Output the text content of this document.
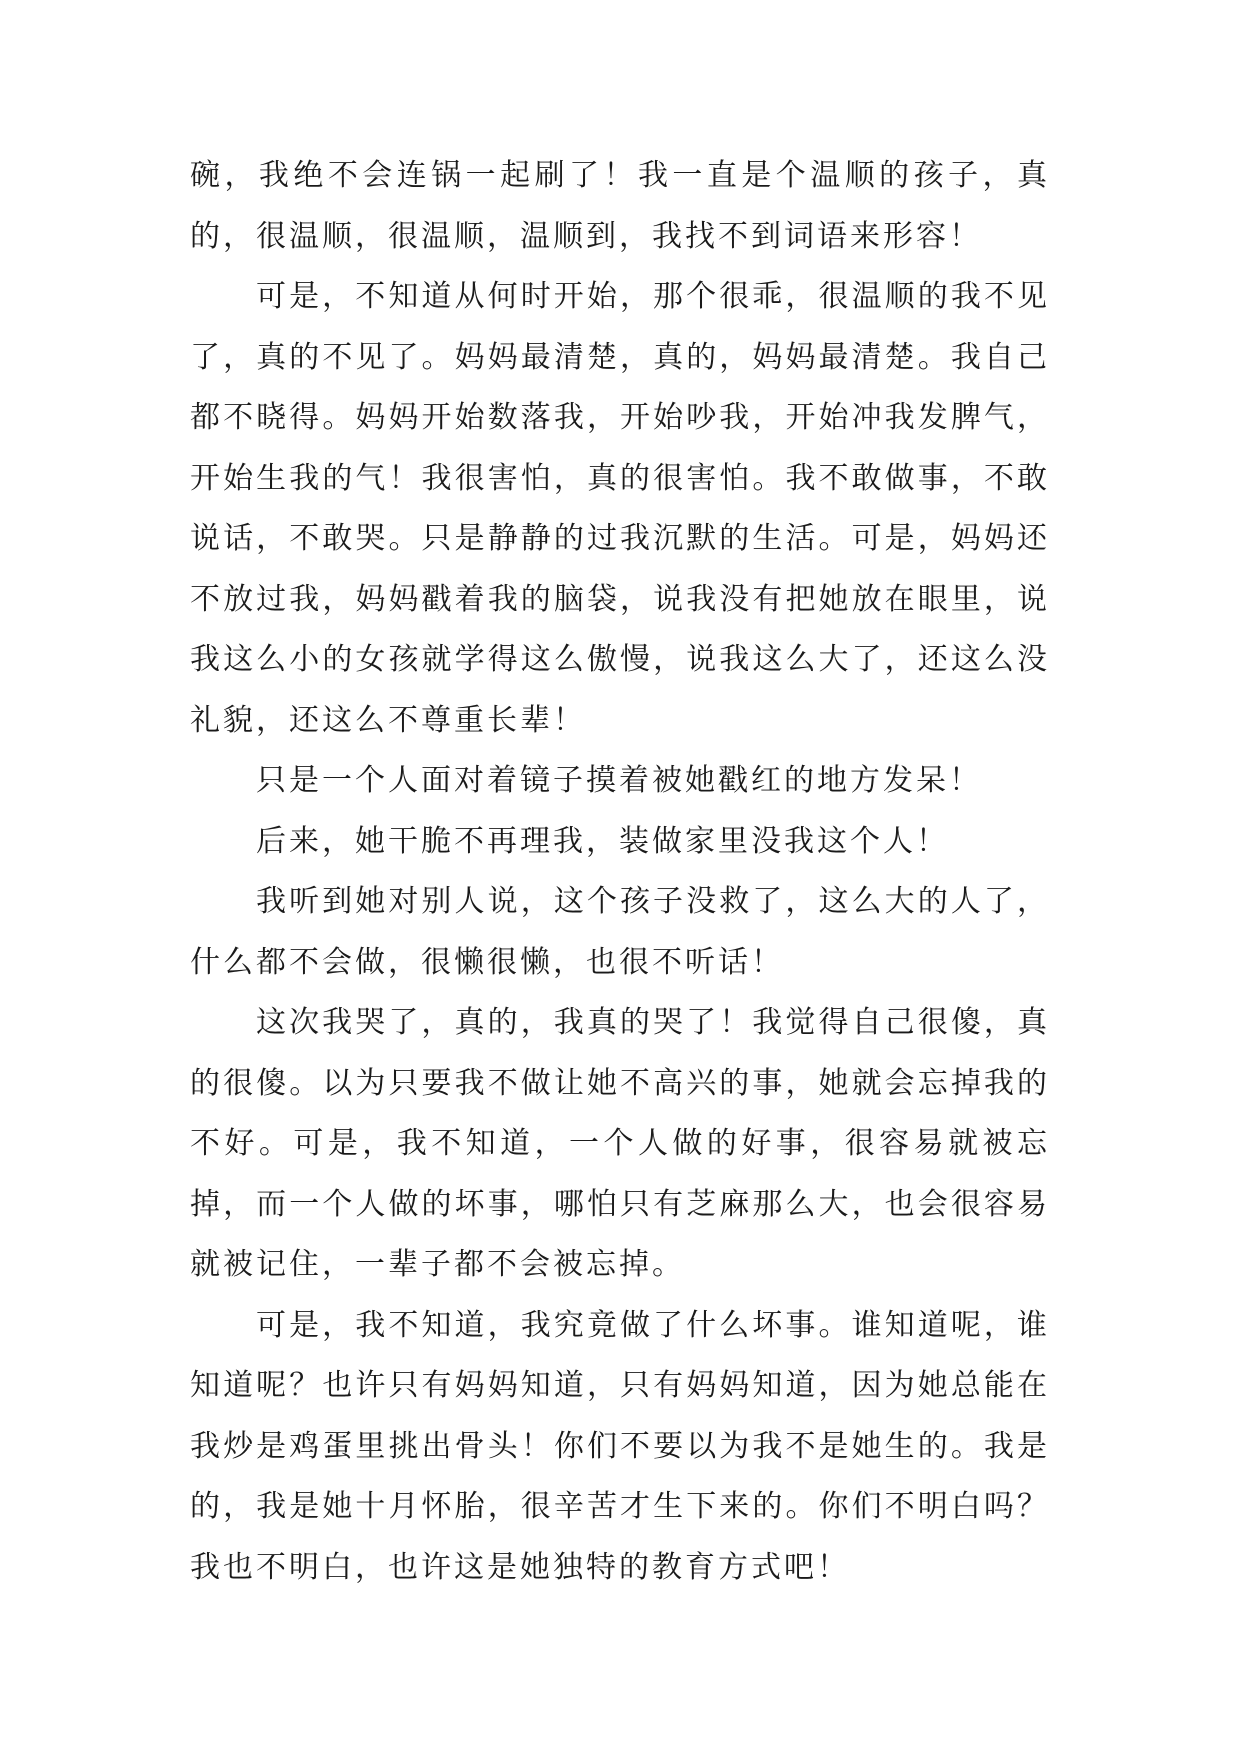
碗，我绝不会连锅一起刷了！我一直是个温顺的孩子，真的，很温顺，很温顺，温顺到，我找不到词语来形容！

可是，不知道从何时开始，那个很乖，很温顺的我不见了，真的不见了。妈妈最清楚，真的，妈妈最清楚。我自己都不晓得。妈妈开始数落我，开始吵我，开始冲我发脾气，开始生我的气！我很害怕，真的很害怕。我不敢做事，不敢说话，不敢哭。只是静静的过我沉默的生活。可是，妈妈还不放过我，妈妈戳着我的脑袋，说我没有把她放在眼里，说我这么小的女孩就学得这么傲慢，说我这么大了，还这么没礼貌，还这么不尊重长辈！

只是一个人面对着镜子摸着被她戳红的地方发呆！

后来，她干脆不再理我，装做家里没我这个人！

我听到她对别人说，这个孩子没救了，这么大的人了，什么都不会做，很懒很懒，也很不听话！

这次我哭了，真的，我真的哭了！我觉得自己很傻，真的很傻。以为只要我不做让她不高兴的事，她就会忘掉我的不好。可是，我不知道，一个人做的好事，很容易就被忘掉，而一个人做的坏事，哪怕只有芝麻那么大，也会很容易就被记住，一辈子都不会被忘掉。

可是，我不知道，我究竟做了什么坏事。谁知道呢，谁知道呢？也许只有妈妈知道，只有妈妈知道，因为她总能在我炒是鸡蛋里挑出骨头！你们不要以为我不是她生的。我是的，我是她十月怀胎，很辛苦才生下来的。你们不明白吗？我也不明白，也许这是她独特的教育方式吧！
